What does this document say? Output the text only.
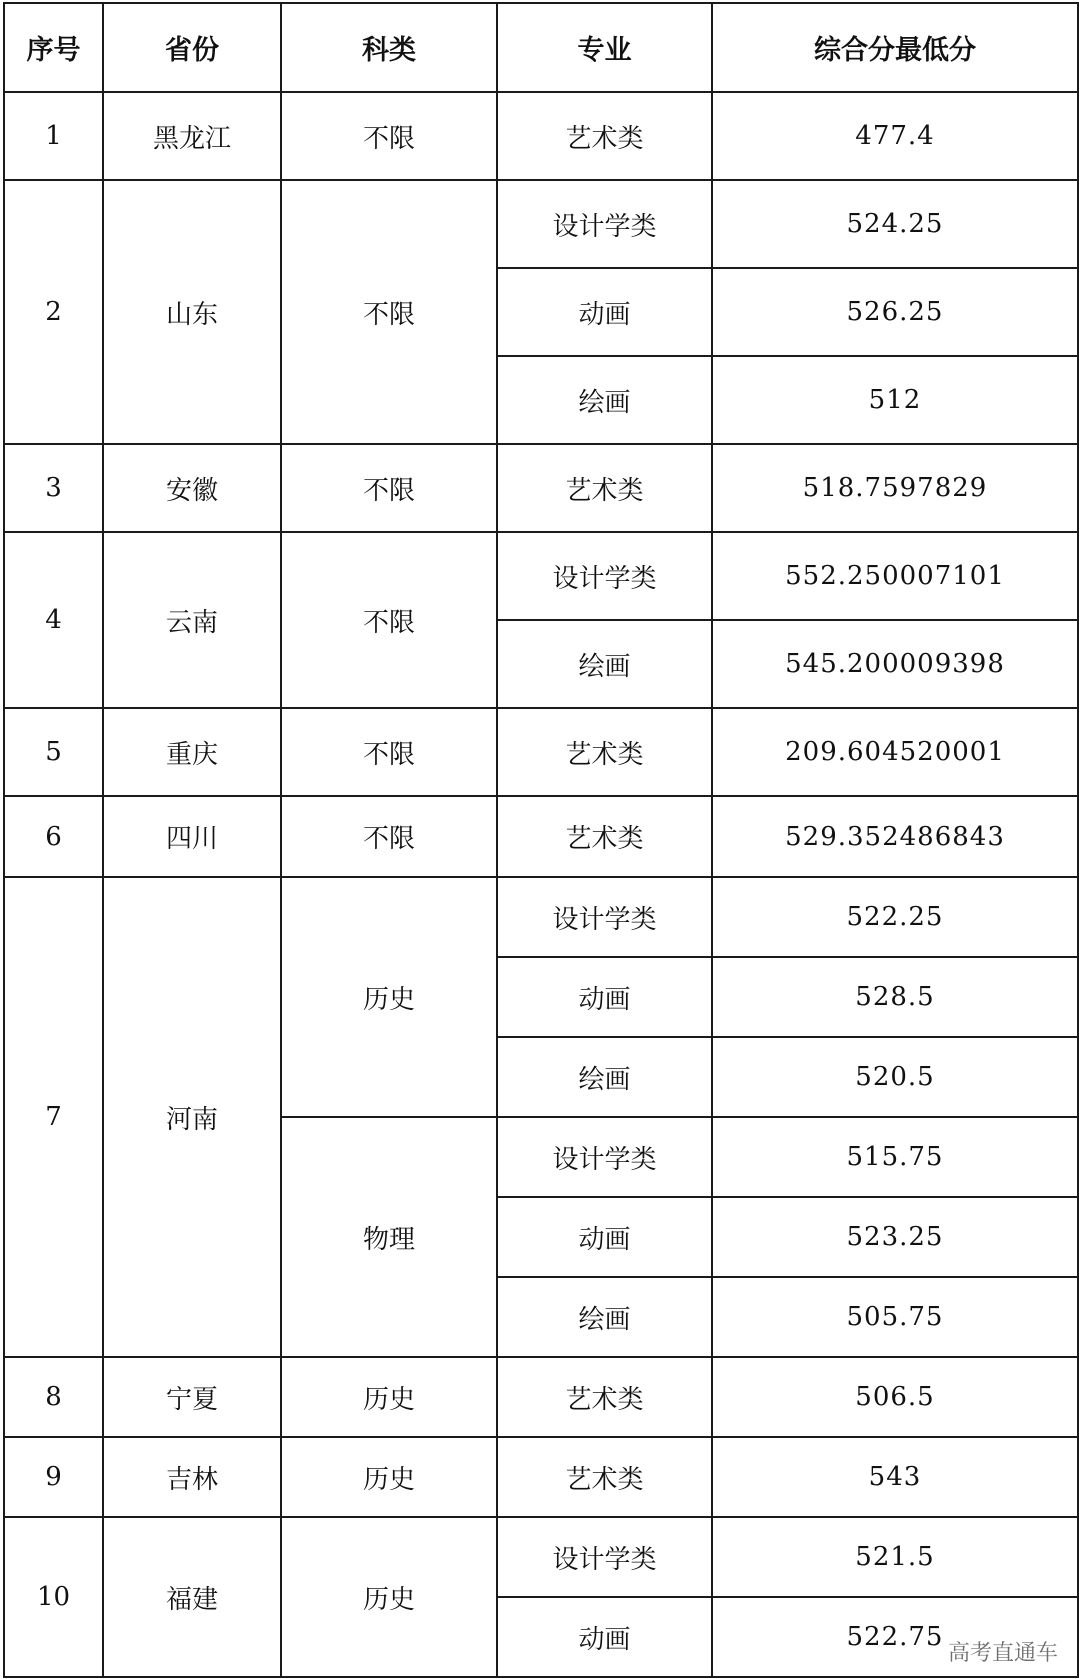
序号	省份	科类	专业	综合分最低分
1	黑龙江	不限	艺术类	477.4
2	山东	不限	设计学类	524.25
			动画	526.25
			绘画	512
3	安徽	不限	艺术类	518.7597829
4	云南	不限	设计学类	552.250007101
			绘画	545.200009398
5	重庆	不限	艺术类	209.604520001
6	四川	不限	艺术类	529.352486843
7	河南	历史	设计学类	522.25
			动画	528.5
			绘画	520.5
		物理	设计学类	515.75
			动画	523.25
			绘画	505.75
8	宁夏	历史	艺术类	506.5
9	吉林	历史	艺术类	543
10	福建	历史	设计学类	521.5
			动画	522.75
高考直通车
